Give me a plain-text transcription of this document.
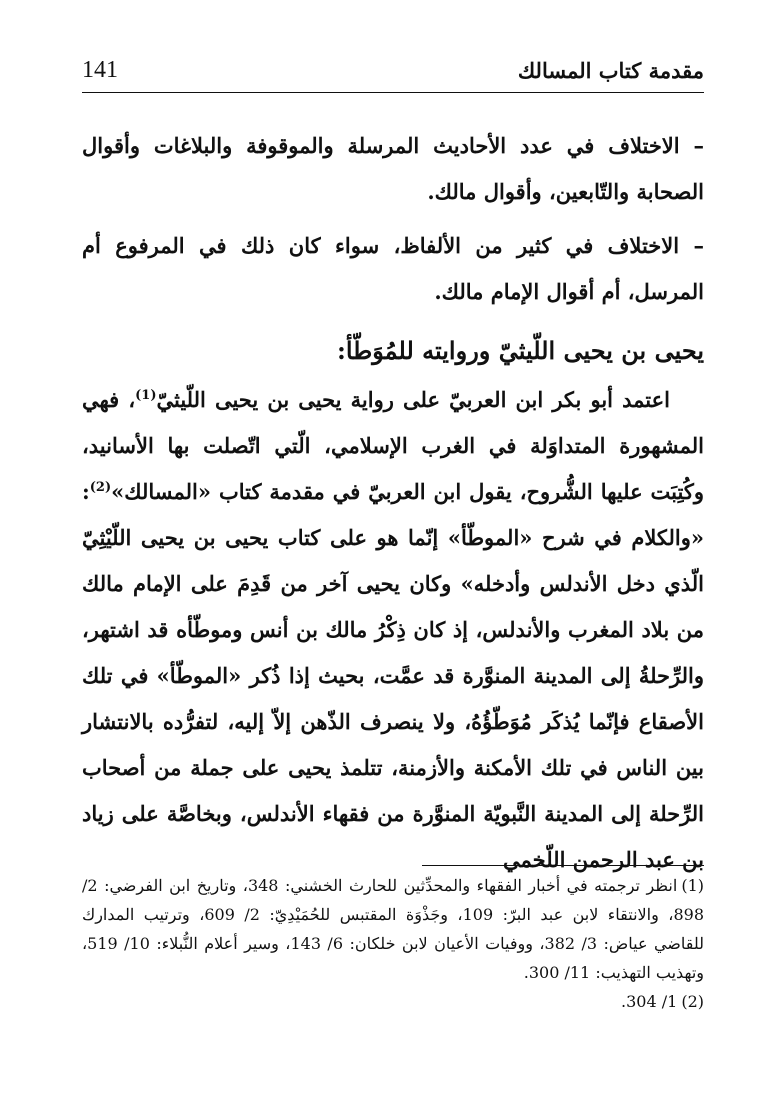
مقدمة كتاب المسالك
141

– الاختلاف في عدد الأحاديث المرسلة والموقوفة والبلاغات وأقوال الصحابة والتّابعين، وأقوال مالك.

– الاختلاف في كثير من الألفاظ، سواء كان ذلك في المرفوع أم المرسل، أم أقوال الإمام مالك.

يحيى بن يحيى اللّيثيّ وروايته للمُوَطّأ:

اعتمد أبو بكر ابن العربيّ على رواية يحيى بن يحيى اللّيثيّ$^{(1)}$، فهي المشهورة المتداوَلة في الغرب الإسلامي، الّتي اتّصلت بها الأسانيد، وكُتِبَت عليها الشُّروح، يقول ابن العربيّ في مقدمة كتاب «المسالك»$^{(2)}$: «والكلام في شرح «الموطّأ» إنّما هو على كتاب يحيى بن يحيى اللّيْثِيّ الّذي دخل الأندلس وأدخله» وكان يحيى آخر من قَدِمَ على الإمام مالك من بلاد المغرب والأندلس، إذ كان ذِكْرُ مالك بن أنس وموطّأه قد اشتهر، والرِّحلةُ إلى المدينة المنوَّرة قد عمَّت، بحيث إذا ذُكر «الموطّأ» في تلك الأصقاع فإنّما يُذكَر مُوَطّؤُهُ، ولا ينصرف الذّهن إلاّ إليه، لتفرُّده بالانتشار بين الناس في تلك الأمكنة والأزمنة، تتلمذ يحيى على جملة من أصحاب الرِّحلة إلى المدينة النَّبويّة المنوَّرة من فقهاء الأندلس، وبخاصَّة على زياد بن عبد الرحمن اللّخمي

(1)انظر ترجمته في أخبار الفقهاء والمحدِّثين للحارث الخشني: 348، وتاريخ ابن الفرضي: 2/ 898، والانتقاء لابن عبد البرّ: 109، وجَذْوَة المقتبس للحُمَيْدِيّ: 2/ 609، وترتيب المدارك للقاضي عياض: 3/ 382، ووفيات الأعيان لابن خلكان: 6/ 143، وسير أعلام النُّبلاء: 10/ 519، وتهذيب التهذيب: 11/ 300.

(2)1/ 304.
